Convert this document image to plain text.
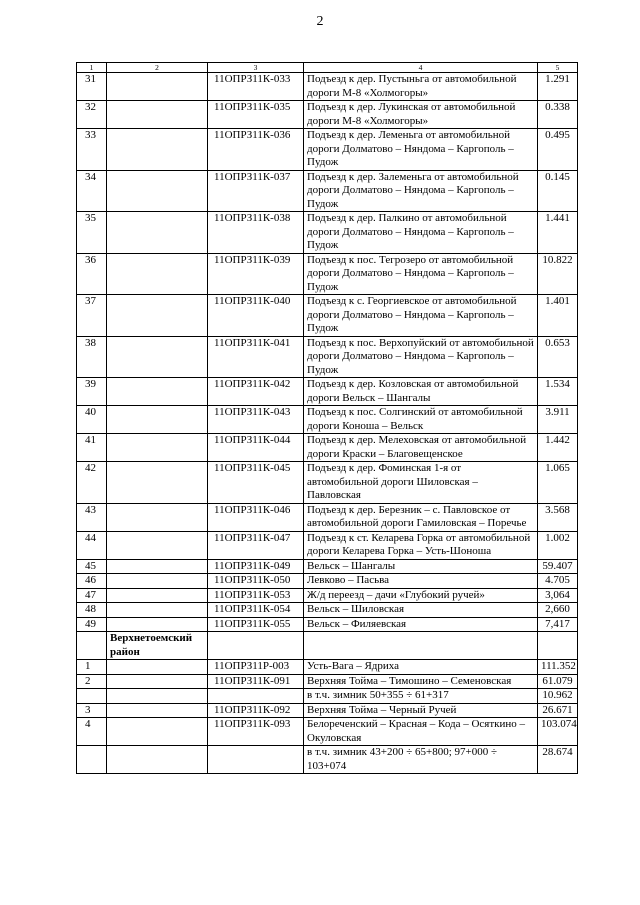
2
1	2	3	4	5
31		11ОПРЗ11К-033	Подъезд к дер. Пустыньга от автомобильной дороги М-8 «Холмогоры»	1.291
32		11ОПРЗ11К-035	Подъезд к дер. Лукинская от автомобильной дороги М-8 «Холмогоры»	0.338
33		11ОПРЗ11К-036	Подъезд к дер. Леменьга от автомобильной дороги Долматово – Няндома – Каргополь – Пудож	0.495
34		11ОПРЗ11К-037	Подъезд к дер. Залеменьга от автомобильной дороги Долматово – Няндома – Каргополь – Пудож	0.145
35		11ОПРЗ11К-038	Подъезд к дер. Палкино от автомобильной дороги Долматово – Няндома – Каргополь – Пудож	1.441
36		11ОПРЗ11К-039	Подъезд к пос. Тегрозеро от автомобильной дороги Долматово – Няндома – Каргополь – Пудож	10.822
37		11ОПРЗ11К-040	Подъезд к с. Георгиевское от автомобильной дороги Долматово – Няндома – Каргополь – Пудож	1.401
38		11ОПРЗ11К-041	Подъезд к пос. Верхопуйский от автомобильной дороги Долматово – Няндома – Каргополь – Пудож	0.653
39		11ОПРЗ11К-042	Подъезд к дер. Козловская от автомобильной дороги Вельск – Шангалы	1.534
40		11ОПРЗ11К-043	Подъезд к пос. Солгинский от автомобильной дороги Коноша – Вельск	3.911
41		11ОПРЗ11К-044	Подъезд к дер. Мелеховская от автомобильной дороги Краски – Благовещенское	1.442
42		11ОПРЗ11К-045	Подъезд к дер. Фоминская 1-я от автомобильной дороги Шиловская – Павловская	1.065
43		11ОПРЗ11К-046	Подъезд к дер. Березник – с. Павловское от автомобильной дороги Гамиловская – Поречье	3.568
44		11ОПРЗ11К-047	Подъезд к ст. Келарева Горка от автомобильной дороги Келарева Горка – Усть-Шоноша	1.002
45		11ОПРЗ11К-049	Вельск – Шангалы	59.407
46		11ОПРЗ11К-050	Левково – Пасьва	4.705
47		11ОПРЗ11К-053	Ж/д переезд – дачи «Глубокий ручей»	3,064
48		11ОПРЗ11К-054	Вельск – Шиловская	2,660
49		11ОПРЗ11К-055	Вельск – Филяевская	7,417
	Верхнетоемский район			
1		11ОПРЗ11Р-003	Усть-Вага – Ядриха	111.352
2		11ОПРЗ11К-091	Верхняя Тойма – Тимошино – Семеновская	61.079
			в т.ч. зимник 50+355 ÷ 61+317	10.962
3		11ОПРЗ11К-092	Верхняя Тойма – Черный Ручей	26.671
4		11ОПРЗ11К-093	Белореченский – Красная – Кода – Осяткино – Окуловская	103.074
			в т.ч. зимник 43+200 ÷ 65+800; 97+000 ÷ 103+074	28.674
